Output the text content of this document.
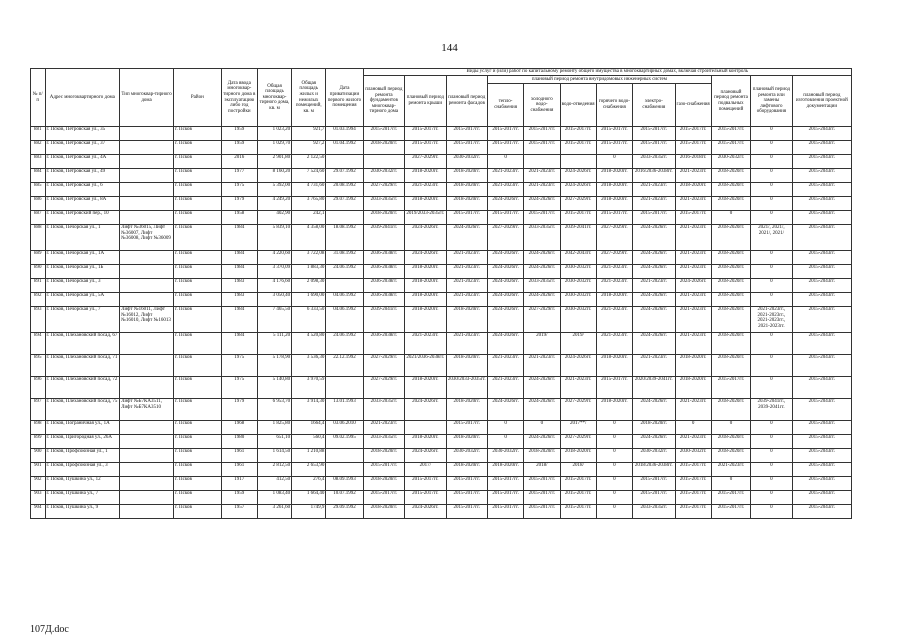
144
№ п/п	Адрес многоквартирного дома	Тип многоквар-тирного дома	Район	Дата ввода многоквар-тирного дома в эксплуатацию либо год постройки	Общая площадь многоквар-тирного дома, кв. м	Общая площадь жилых и нежилых помещений, кв. м	Дата приватизации первого жилого помещения	Виды услуг и (или) работ по капитальному ремонту общего имущества в многоквартирных домах, включая строительный контроль											
								плановый период ремонта фундаментов многоквар-тирного дома	плановый период ремонта крыши	плановый период ремонта фасадов	плановый период ремонта внутридомовых инженерных систем						плановый период ремонта подвальных помещений	плановый период ремонта или замены лифтового оборудования	плановый период изготовления проектной документации
											тепло-снабжения	холодного водо-снабжения	водо-отведения	горячего водо-снабжения	электро-снабжения	газо-снабжения			
881	г. Псков, Петровская ул., 35		г. Псков	1959	1 023,20	921,7	01.03.1994	2015-2017гг.	2015-2017гг.	2015-2017гг.	2015-2017гг.	2015-2017гг.	2015-2017гг.	2015-2017гг.	2015-2017гг.	2015-2017гг.	2015-2017гг.	0	2015-2043гг.
882	г. Псков, Петровская ул., 37		г. Псков	1959	1 029,70	927,2	01.04.1992	2018-2020гг.	2015-2017гг.	2015-2017гг.	2015-2017гг.	2015-2017гг.	2015-2017гг.	2015-2017гг.	2015-2017гг.	2015-2017гг.	2015-2017гг.	0	2015-2043гг.
883	г. Псков, Петровская ул., 4А		г. Псков	2016	2 901,80	2 122,50			2027-2029гг.	2030-2032гг.	0			0	2033-2035гг.	2016-2018гг.	2030-2032гг.	0	2015-2043гг.
884	г. Псков, Петровская ул., 49		г. Псков	1977	8 160,20	7 524,60	29.07.1992	2030-2032гг.	2018-2020гг.	2018-2020гг.	2021-2023гг.	2021-2023гг.	2024-2026гг.	2018-2020гг.	2016/2036-2038гг.	2021-2023гг.	2018-2020гг.	0	2015-2043гг.
885	г. Псков, Петровская ул., 6		г. Псков	1975	5 392,00	4 731,60	20.08.1992	2027-2029гг.	2021-2023гг.	2018-2020гг.	2021-2023гг.	2021-2023гг.	2024-2026гг.	2018-2020гг.	2021-2023гг.	2018-2020гг.	2018-2020гг.	0	2015-2043гг.
886	г. Псков, Петровская ул., 8А		г. Псков	1979	4 249,20	3 765,80	29.07.1992	2033-2035гг.	2018-2020гг.	2018-2020гг.	2024-2026гг.	2024-2026гг.	2027-2029гг.	2018-2020гг.	2021-2023гг.	2021-2023гг.	2018-2020гг.	0	2015-2043гг.
887	г. Псков, Петровский пер., 10		г. Псков	1958	402,90	242,1		2018-2020гг.	2019/2033-2035гг.	2015-2017гг.	2015-2017гг.	2015-2017гг.	2015-2017гг.	2015-2017гг.	2015-2017гг.	2015-2017гг.	0	0	2015-2043гг.
888	г. Псков, Печорская ул., 1	Лифт №36015, Лифт №36007, Лифт №36008, Лифт №36009	г. Псков	1984	5 839,10	4 358,00	18.08.1992	2039-2041гг.	2024-2026гг.	2024-2026гг.	2027-2029гг.	2033-2035гг.	2039-2041гг.	2027-2029гг.	2024-2026гг.	2021-2023гг.	2018-2020гг.	2021/, 2021/, 2021/, 2021/	2015-2043гг.
889	г. Псков, Печорская ул., 1А		г. Псков	1984	4 220,60	3 722,08	31.08.1992	2036-2038гг.	2024-2026гг.	2021-2023гг.	2024-2026гг.	2024-2026гг.	2042-2043гг.	2027-2029гг.	2024-2026гг.	2021-2023гг.	2018-2020гг.	0	2015-2043гг.
890	г. Псков, Печорская ул., 1Б		г. Псков	1984	3 370,09	1 883,30	24.06.1992	2036-2038гг.	2018-2020гг.	2021-2023гг.	2024-2026гг.	2024-2026гг.	2030-2032гг.	2021-2023гг.	2024-2026гг.	2021-2023гг.	2018-2020гг.	0	2015-2043гг.
891	г. Псков, Печорская ул., 3		г. Псков	1983	4 176,60	2 098,30		2036-2038гг.	2018-2020гг.	2021-2023гг.	2024-2026гг.	2033-2035гг.	2030-2032гг.	2021-2023гг.	2021-2023гг.	2024-2026гг.	2018-2020гг.	0	2015-2043гг.
892	г. Псков, Печорская ул., 5А		г. Псков	1983	3 050,40	1 690,00	04.06.1992	2036-2038гг.	2018-2020гг.	2021-2023гг.	2024-2026гг.	2024-2026гг.	2030-2032гг.	2018-2020гг.	2024-2026гг.	2021-2023гг.	2018-2020гг.	0	2015-2043гг.
893	г. Псков, Печорская ул., 7	Лифт №16011, Лифт №16012, Лифт №16010, Лифт №16013	г. Псков	1984	7 465,50	6 333,50	04.06.1992	2039-2041гг.	2018-2020гг.	2018-2020гг.	2024-2026гг.	2027-2029гг.	2030-2032гг.	2021-2023гг.	2024-2026гг.	2021-2023гг.	2018-2020гг.	2021-2023гг., 2021-2023гг., 2021-2023гг., 2021-2023гг.	2015-2043гг.
894	г. Псков, Плехановский посад, 67		г. Псков	1984	5 111,20	4 520,80	24.06.1992	2036-2038гг.	2021-2023гг.	2021-2023гг.	2024-2026гг.	2019/	2019/	2021-2023гг.	2024-2026гг.	2021-2023гг.	2018-2020гг.	0	2015-2043гг.
895	г. Псков, Плехановский посад, 71		г. Псков	1975	5 178,90	3 536,30	22.12.1992	2027-2029гг.	2021/2036-2038гг.	2018-2020гг.	2021-2023гг.	2021-2023гг.	2024-2026гг.	2018-2020гг.	2021-2023гг.	2018-2020гг.	2018-2020гг.	0	2015-2043гг.
896	г. Псков, Плехановский посад, 72		г. Псков	1975	5 140,80	3 970,59		2027-2029гг.	2018-2020гг.	2030/2033-2035гг.	2021-2023гг.	2024-2026гг.	2021-2023гг.	2015-2017гг.	2020/2039-2041гг.	2018-2020гг.	2015-2017гг.	0	2015-2043гг.
897	г. Псков, Плехановский посад, 75	Лифт №Б7КА3511, Лифт №Б7КА3510	г. Псков	1979	6 953,70	3 914,30	13.01.1993	2033-2035гг.	2024-2026гг.	2018-2020гг.	2024-2026гг.	2024-2026гг.	2027-2029гг.	2018-2020гг.	2024-2026гг.	2021-2023гг.	2018-2020гг.	2039-2041гг., 2039-2041гг.	2015-2043гг.
898	г. Псков, Пограничная ул., 1А		г. Псков	1968	1 825,80	1664,4	03.06.2010	2021-2023гг.		2015-2017гг.	0	0	2017**/	0	2018-2020гг.	0	0	0	2015-2043гг.
899	г. Псков, Пригородная ул., 26А		г. Псков	1980	651,10	560,4	09.02.1995	2033-2035гг.	2018-2020гг.	2018-2020гг.	0	2024-2026гг.	2027-2029гг.	0	2024-2026гг.	2021-2023гг.	2018-2020гг.	0	2015-2043гг.
900	г. Псков, Профсоюзная ул., 1		г. Псков	1961	1 614,50	1 210,88		2018-2020гг.	2024-2026гг.	2030-2032гг.	2030-2032гг.	2018-2020гг.	2018-2020гг.	0	2030-2032гг.	2030-2032гг.	2018-2020гг.	0	2015-2043гг.
901	г. Псков, Профсоюзная ул., 3		г. Псков	1961	2 812,50	2 653,90		2015-2017гг.	2017/	2018-2020гг.	2018-2020гг.	2018/	2018/	0	2018/2036-2038гг.	2015-2017гг.	2021-2023гг.	0	2015-2043гг.
902	г. Псков, Пушкина ул., 12		г. Псков	1917	412,50	276,4	08.09.1993	2018-2020гг.	2015-2017гг.	2015-2017гг.	2015-2017гг.	2015-2017гг.	2015-2017гг.	0	2015-2017гг.	2015-2017гг.	0	0	2015-2043гг.
903	г. Псков, Пушкина ул., 7		г. Псков	1959	1 083,40	1 664,40	10.07.1992	2015-2017гг.	2015-2017гг.	2015-2017гг.	2015-2017гг.	2015-2017гг.	2015-2017гг.	0	2015-2017гг.	2015-2017гг.	2015-2017гг.	0	2015-2043гг.
904	г. Псков, Пушкина ул., 9		г. Псков	1957	3 261,60	1749,9	29.09.1992	2018-2020гг.	2024-2026гг.	2015-2017гг.	2015-2017гг.	2015-2017гг.	2015-2017гг.	0	2033-2035гг.	2015-2017гг.	2015-2017гг.	0	2015-2043гг.
107Д.doc
